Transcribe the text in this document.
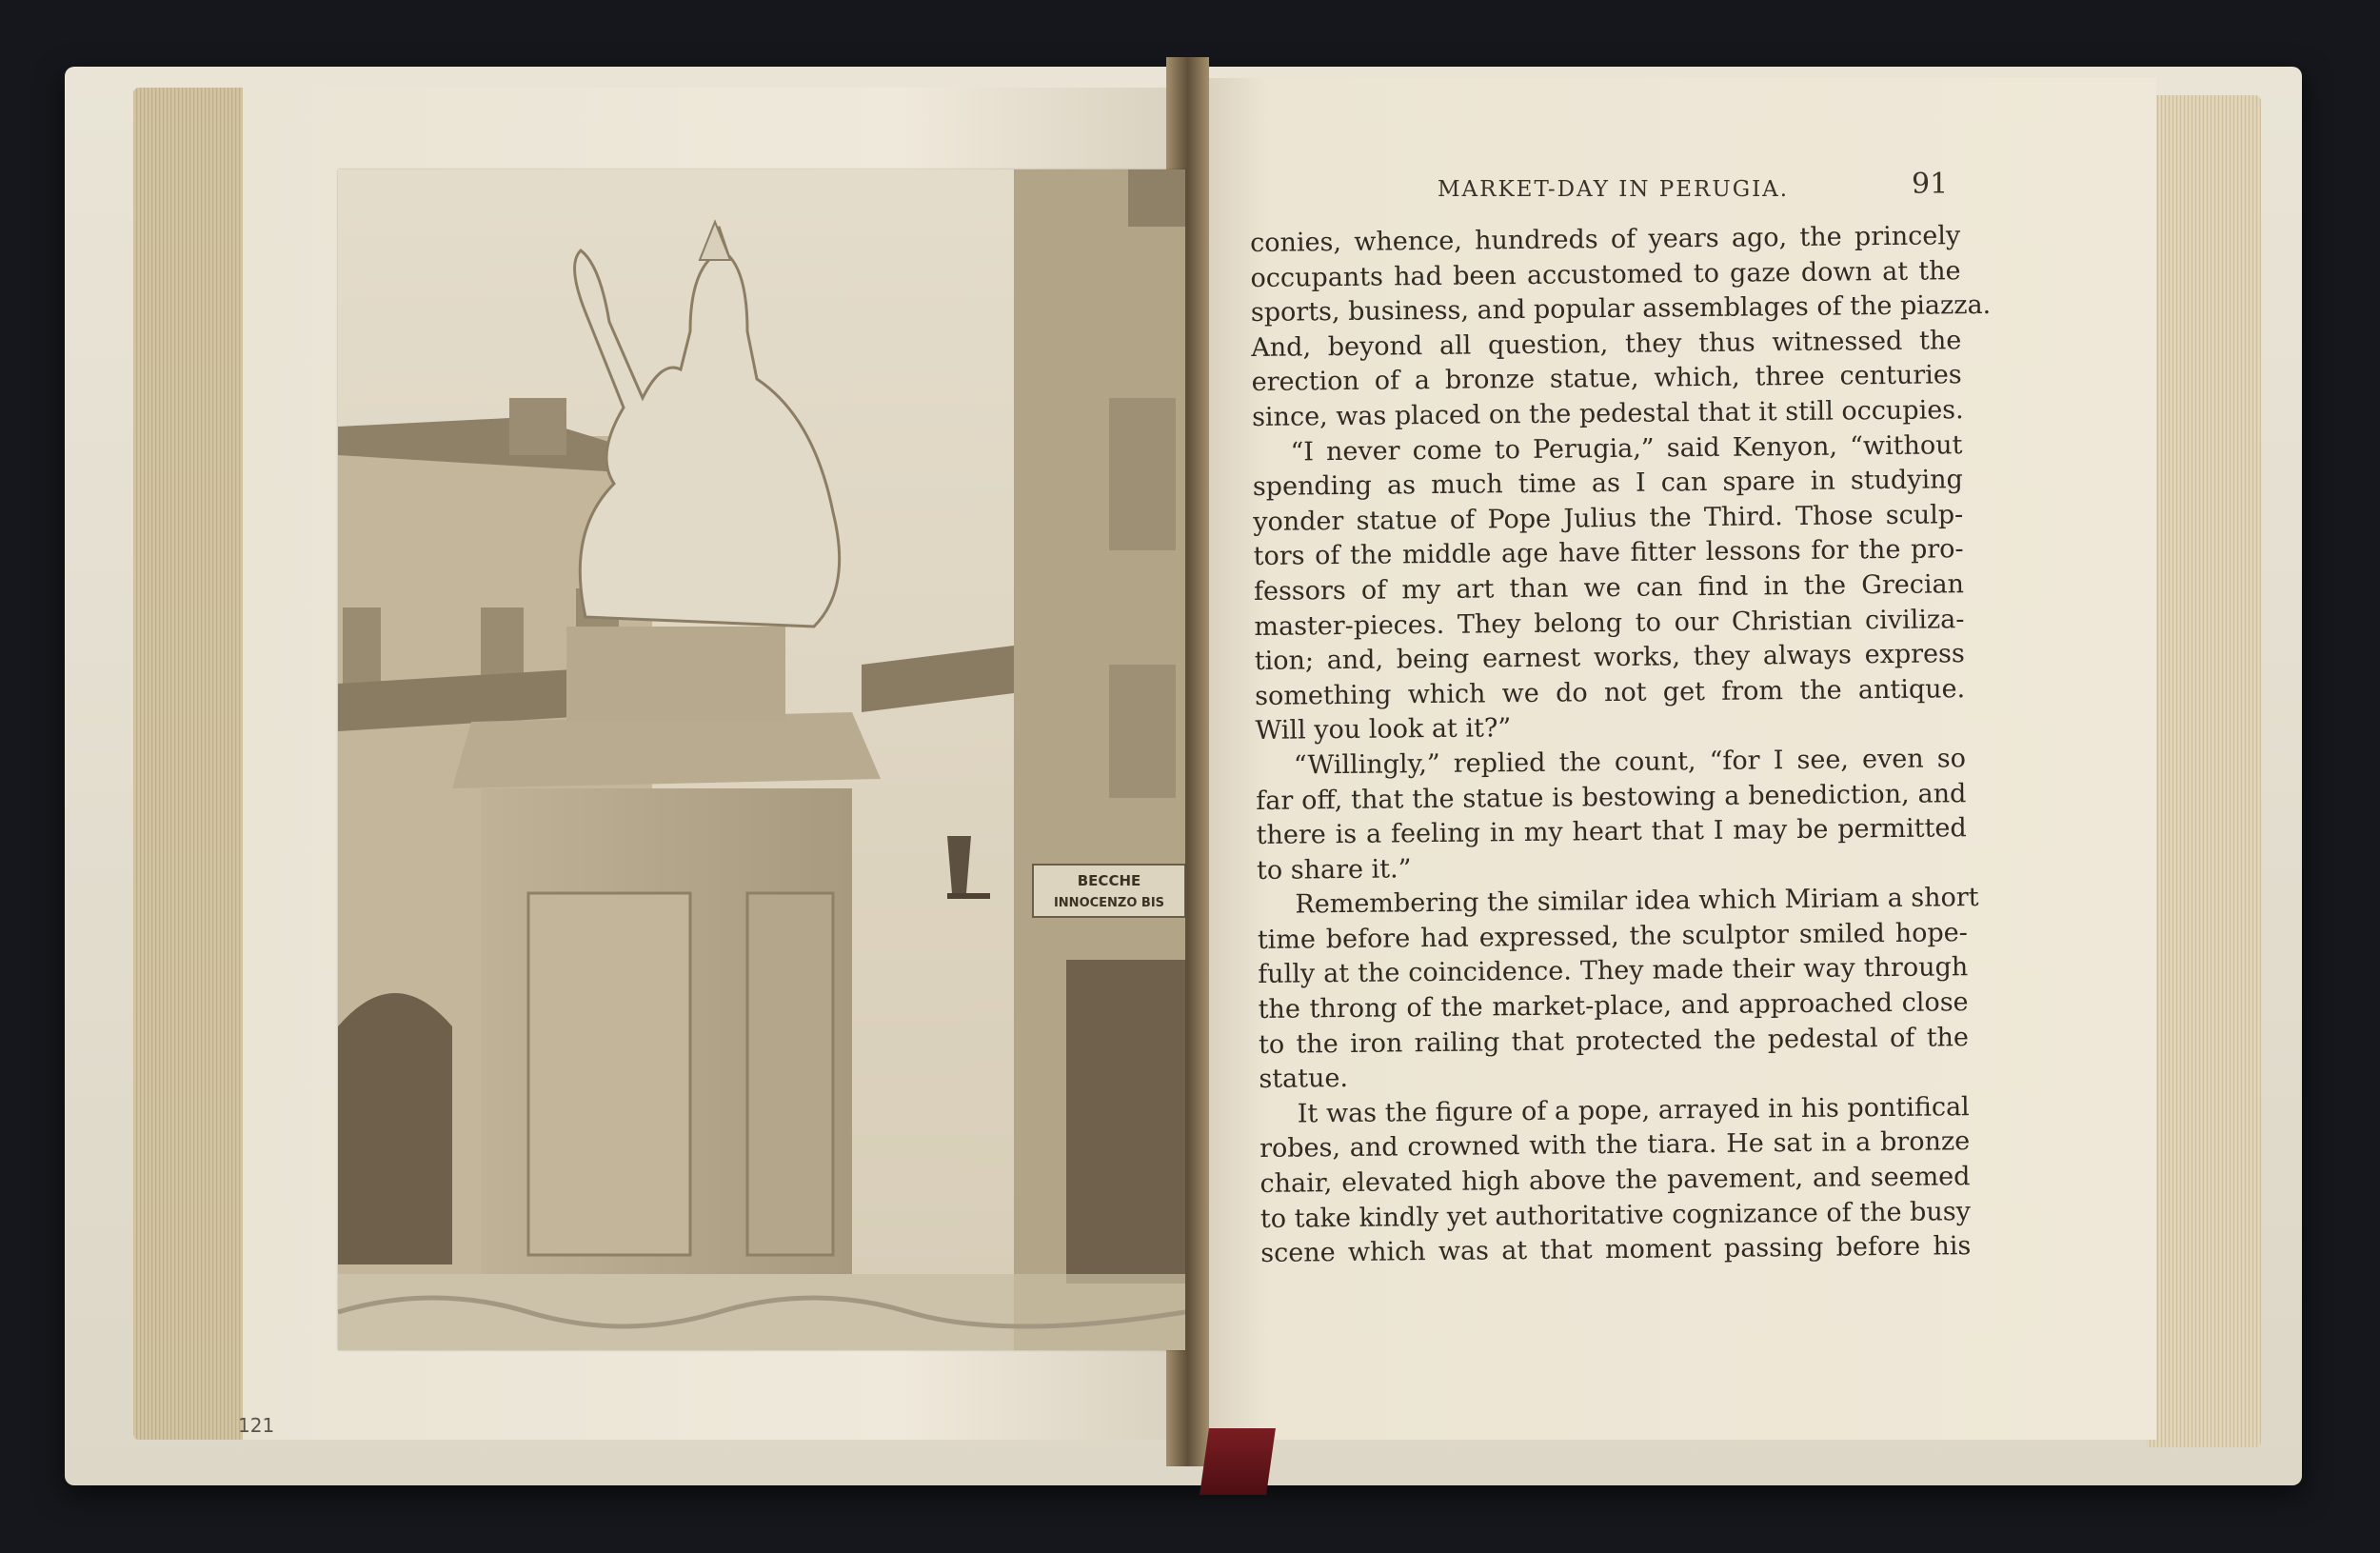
BECCHE
INNOCENZO BIS
MARKET-DAY IN PERUGIA.	91
conies, whence, hundreds of years ago, the princely
occupants had been accustomed to gaze down at the
sports, business, and popular assemblages of the piazza.
And, beyond all question, they thus witnessed the
erection of a bronze statue, which, three centuries
since, was placed on the pedestal that it still occupies.
“I never come to Perugia,” said Kenyon, “without
spending as much time as I can spare in studying
yonder statue of Pope Julius the Third. Those sculp-
tors of the middle age have fitter lessons for the pro-
fessors of my art than we can find in the Grecian
master-pieces. They belong to our Christian civiliza-
tion; and, being earnest works, they always express
something which we do not get from the antique.
Will you look at it?”
“Willingly,” replied the count, “for I see, even so
far off, that the statue is bestowing a benediction, and
there is a feeling in my heart that I may be permitted
to share it.”
Remembering the similar idea which Miriam a short
time before had expressed, the sculptor smiled hope-
fully at the coincidence. They made their way through
the throng of the market-place, and approached close
to the iron railing that protected the pedestal of the
statue.
It was the figure of a pope, arrayed in his pontifical
robes, and crowned with the tiara. He sat in a bronze
chair, elevated high above the pavement, and seemed
to take kindly yet authoritative cognizance of the busy
scene which was at that moment passing before his
121
